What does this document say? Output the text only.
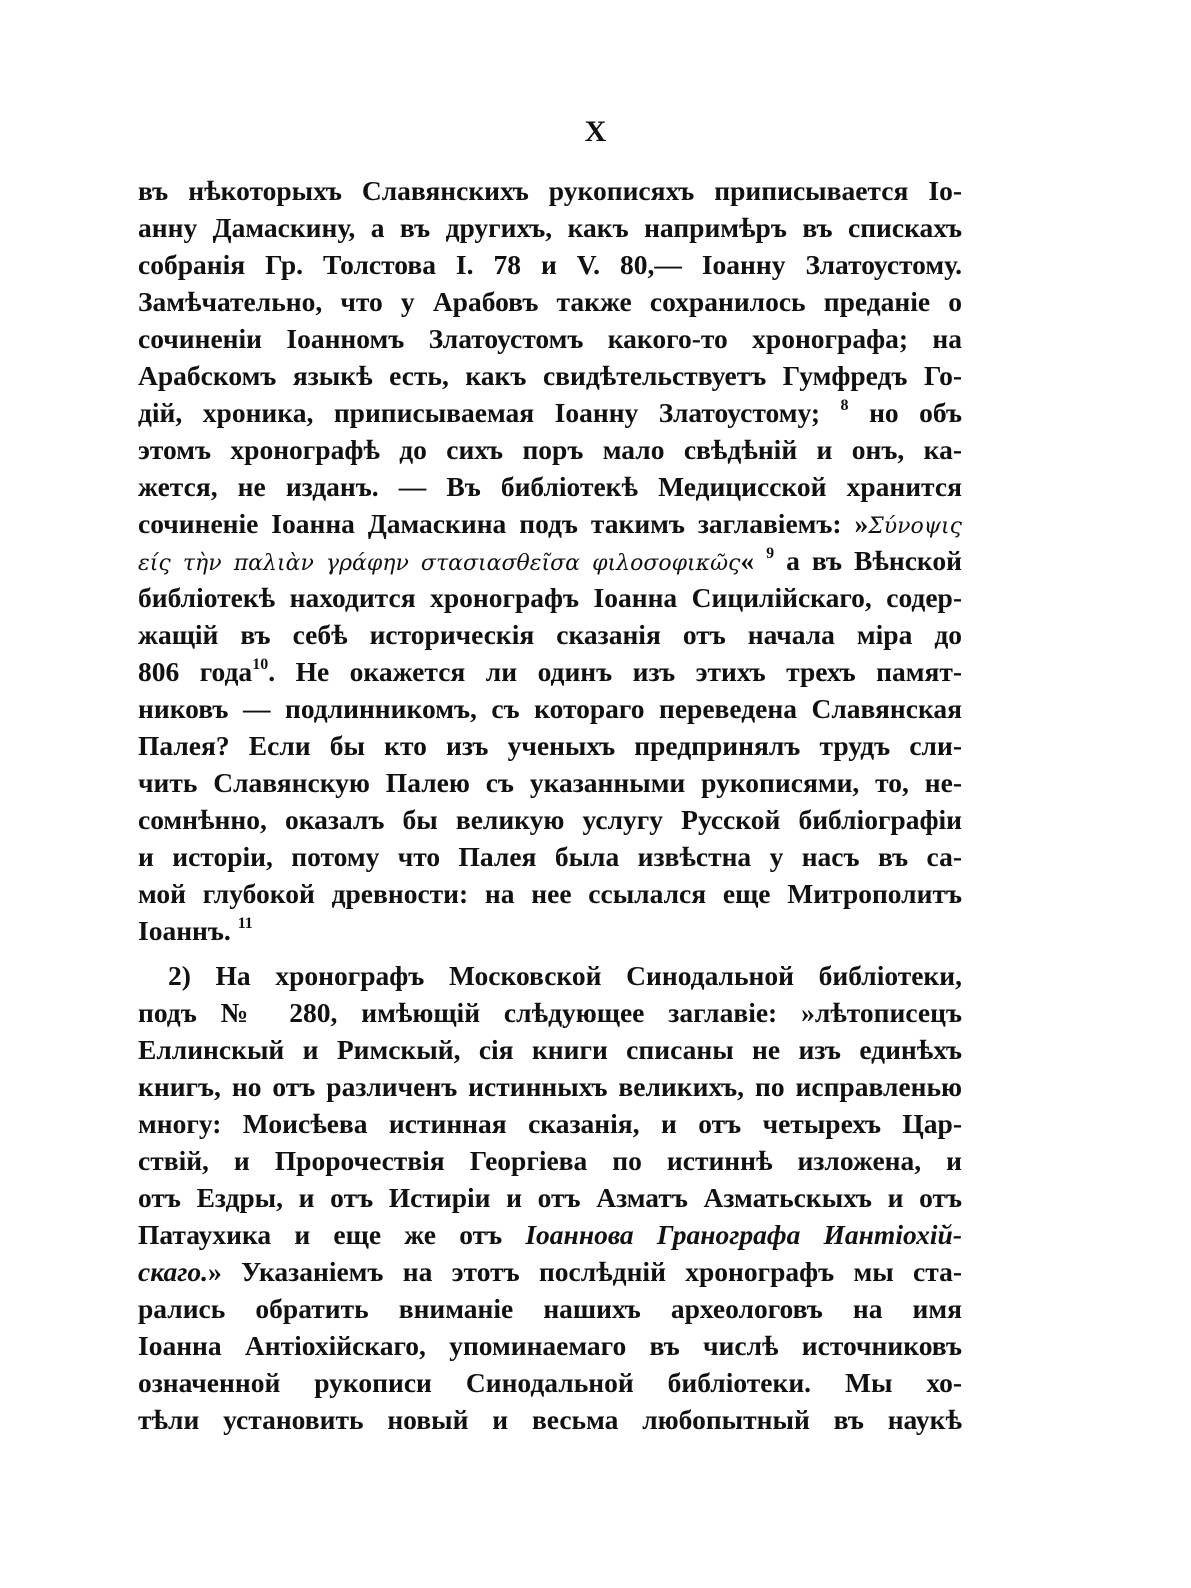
X
въ нѣкоторыхъ Славянскихъ рукописяхъ приписывается Іо-
анну Дамаскину, а въ другихъ, какъ напримѣръ въ спискахъ
собранія Гр. Толстова І. 78 и V. 80,— Іоанну Златоустому.
Замѣчательно, что у Арабовъ также сохранилось преданіе о
сочиненіи Іоанномъ Златоустомъ какого-то хронографа; на
Арабскомъ языкѣ есть, какъ свидѣтельствуетъ Гумфредъ Го-
дій, хроника, приписываемая Іоанну Златоустому; $^8$ но объ
этомъ хронографѣ до сихъ поръ мало свѣдѣній и онъ, ка-
жется, не изданъ. — Въ библіотекѣ Медицисской хранится
сочиненіе Іоанна Дамаскина подъ такимъ заглавіемъ: »Σύνοψις
είς τὴν παλιὰν γράφην στασιασθεῖσα φιλοσοφικῶς« $^9$ а въ Вѣнской
библіотекѣ находится хронографъ Іоанна Сицилійскаго, содер-
жащій въ себѣ историческія сказанія отъ начала міра до
806 года$^{10}$. Не окажется ли одинъ изъ этихъ трехъ памят-
никовъ — подлинникомъ, съ котораго переведена Славянская
Палея? Если бы кто изъ ученыхъ предпринялъ трудъ сли-
чить Славянскую Палею съ указанными рукописями, то, не-
сомнѣнно, оказалъ бы великую услугу Русской библіографіи
и исторіи, потому что Палея была извѣстна у насъ въ са-
мой глубокой древности: на нее ссылался еще Митрополитъ
Іоаннъ. $^{11}$
2) На хронографъ Московской Синодальной библіотеки,
подъ № 280, имѣющій слѣдующее заглавіе: »лѣтописецъ
Еллинскый и Римскый, сія книги списаны не изъ единѣхъ
книгъ, но отъ различенъ истинныхъ великихъ, по исправленью
многу: Моисѣева истинная сказанія, и отъ четырехъ Цар-
ствій, и Пророчествія Георгіева по истиннѣ изложена, и
отъ Ездры, и отъ Истиріи и отъ Азматъ Азматьскыхъ и отъ
Патаухика и еще же отъ Іоаннова Гранографа Иантіохій-
скаго.» Указаніемъ на этотъ послѣдній хронографъ мы ста-
рались обратить вниманіе нашихъ археологовъ на имя
Іоанна Антіохійскаго, упоминаемаго въ числѣ источниковъ
означенной рукописи Синодальной библіотеки. Мы хо-
тѣли установить новый и весьма любопытный въ наукѣ
